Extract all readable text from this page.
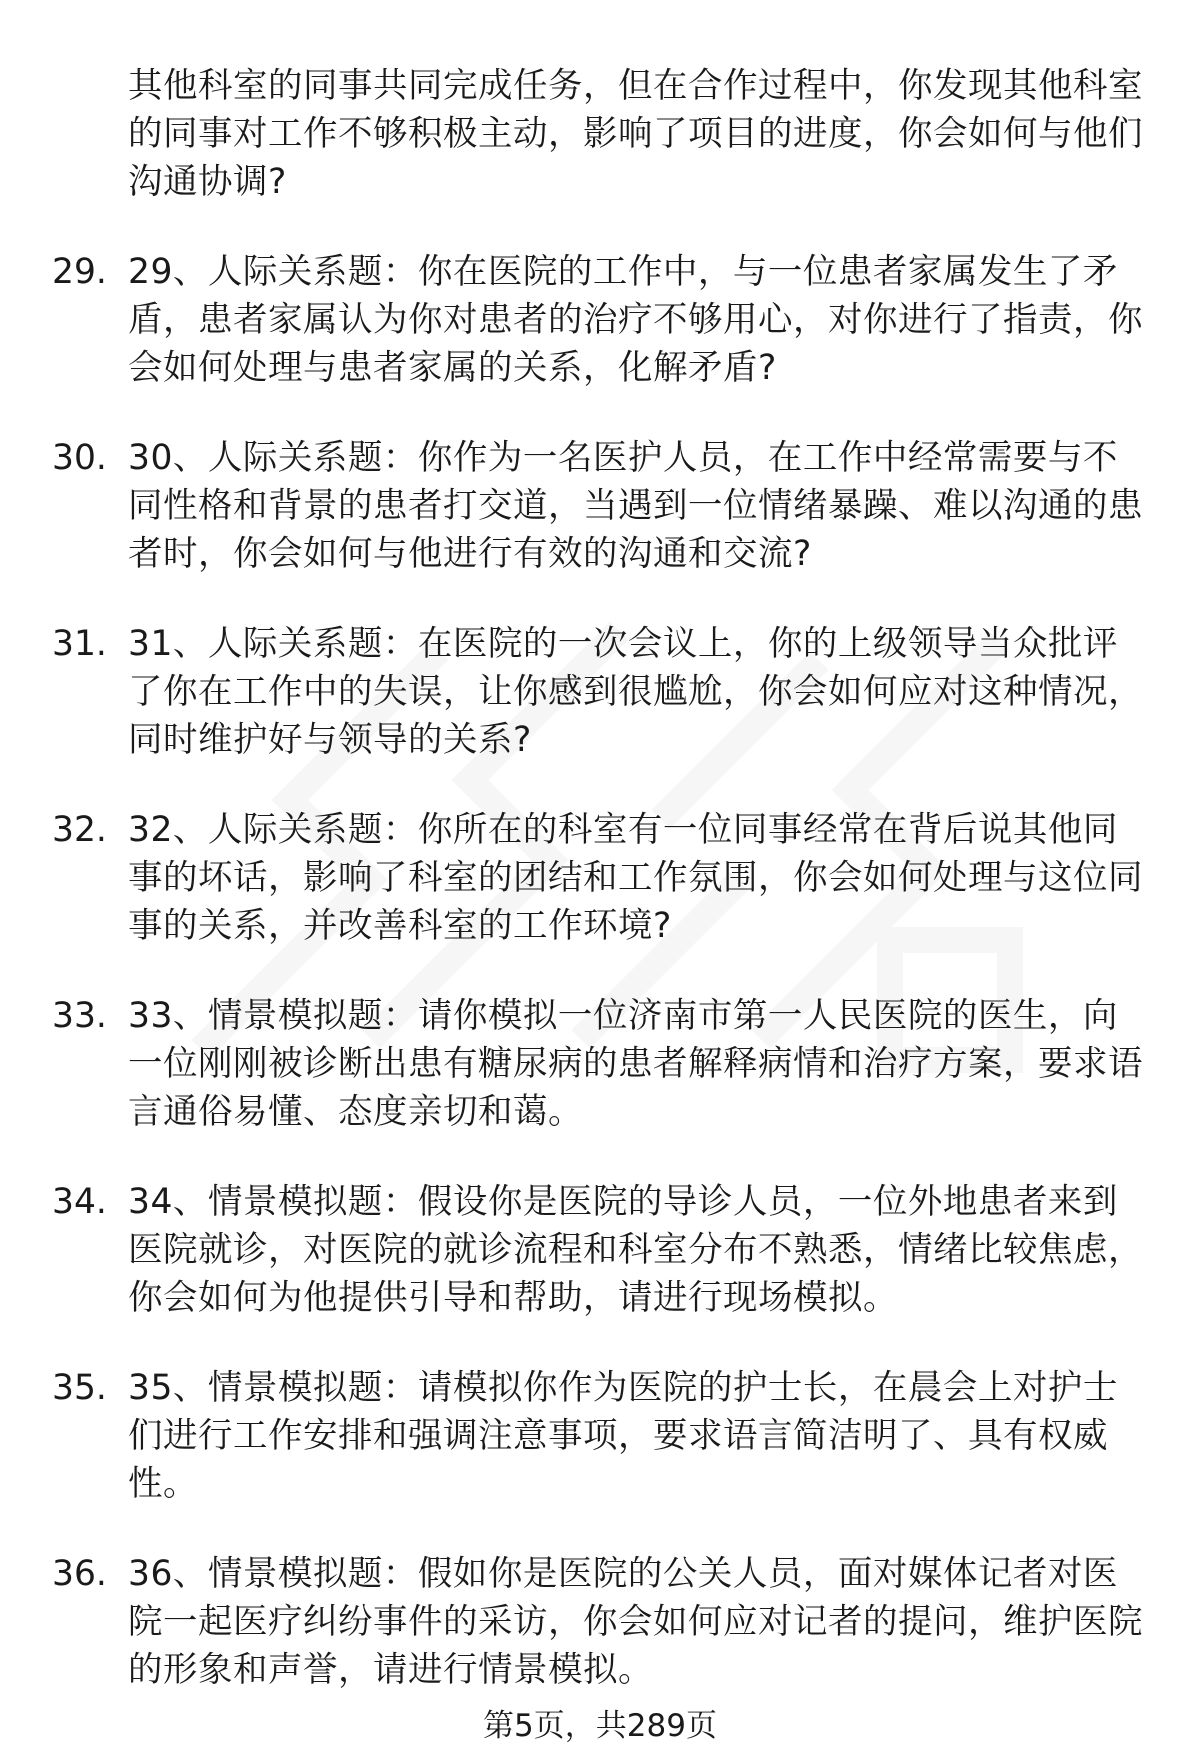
其他科室的同事共同完成任务，但在合作过程中，你发现其他科室的同事对工作不够积极主动，影响了项目的进度，你会如何与他们沟通协调?
29. 29、人际关系题：你在医院的工作中，与一位患者家属发生了矛盾，患者家属认为你对患者的治疗不够用心，对你进行了指责，你会如何处理与患者家属的关系，化解矛盾?
30. 30、人际关系题：你作为一名医护人员，在工作中经常需要与不同性格和背景的患者打交道，当遇到一位情绪暴躁、难以沟通的患者时，你会如何与他进行有效的沟通和交流?
31. 31、人际关系题：在医院的一次会议上，你的上级领导当众批评了你在工作中的失误，让你感到很尴尬，你会如何应对这种情况，同时维护好与领导的关系?
32. 32、人际关系题：你所在的科室有一位同事经常在背后说其他同事的坏话，影响了科室的团结和工作氛围，你会如何处理与这位同事的关系，并改善科室的工作环境?
33. 33、情景模拟题：请你模拟一位济南市第一人民医院的医生，向一位刚刚被诊断出患有糖尿病的患者解释病情和治疗方案，要求语言通俗易懂、态度亲切和蔼。
34. 34、情景模拟题：假设你是医院的导诊人员，一位外地患者来到医院就诊，对医院的就诊流程和科室分布不熟悉，情绪比较焦虑，你会如何为他提供引导和帮助，请进行现场模拟。
35. 35、情景模拟题：请模拟你作为医院的护士长，在晨会上对护士们进行工作安排和强调注意事项，要求语言简洁明了、具有权威性。
36. 36、情景模拟题：假如你是医院的公关人员，面对媒体记者对医院一起医疗纠纷事件的采访，你会如何应对记者的提问，维护医院的形象和声誉，请进行情景模拟。
第5页，共289页
